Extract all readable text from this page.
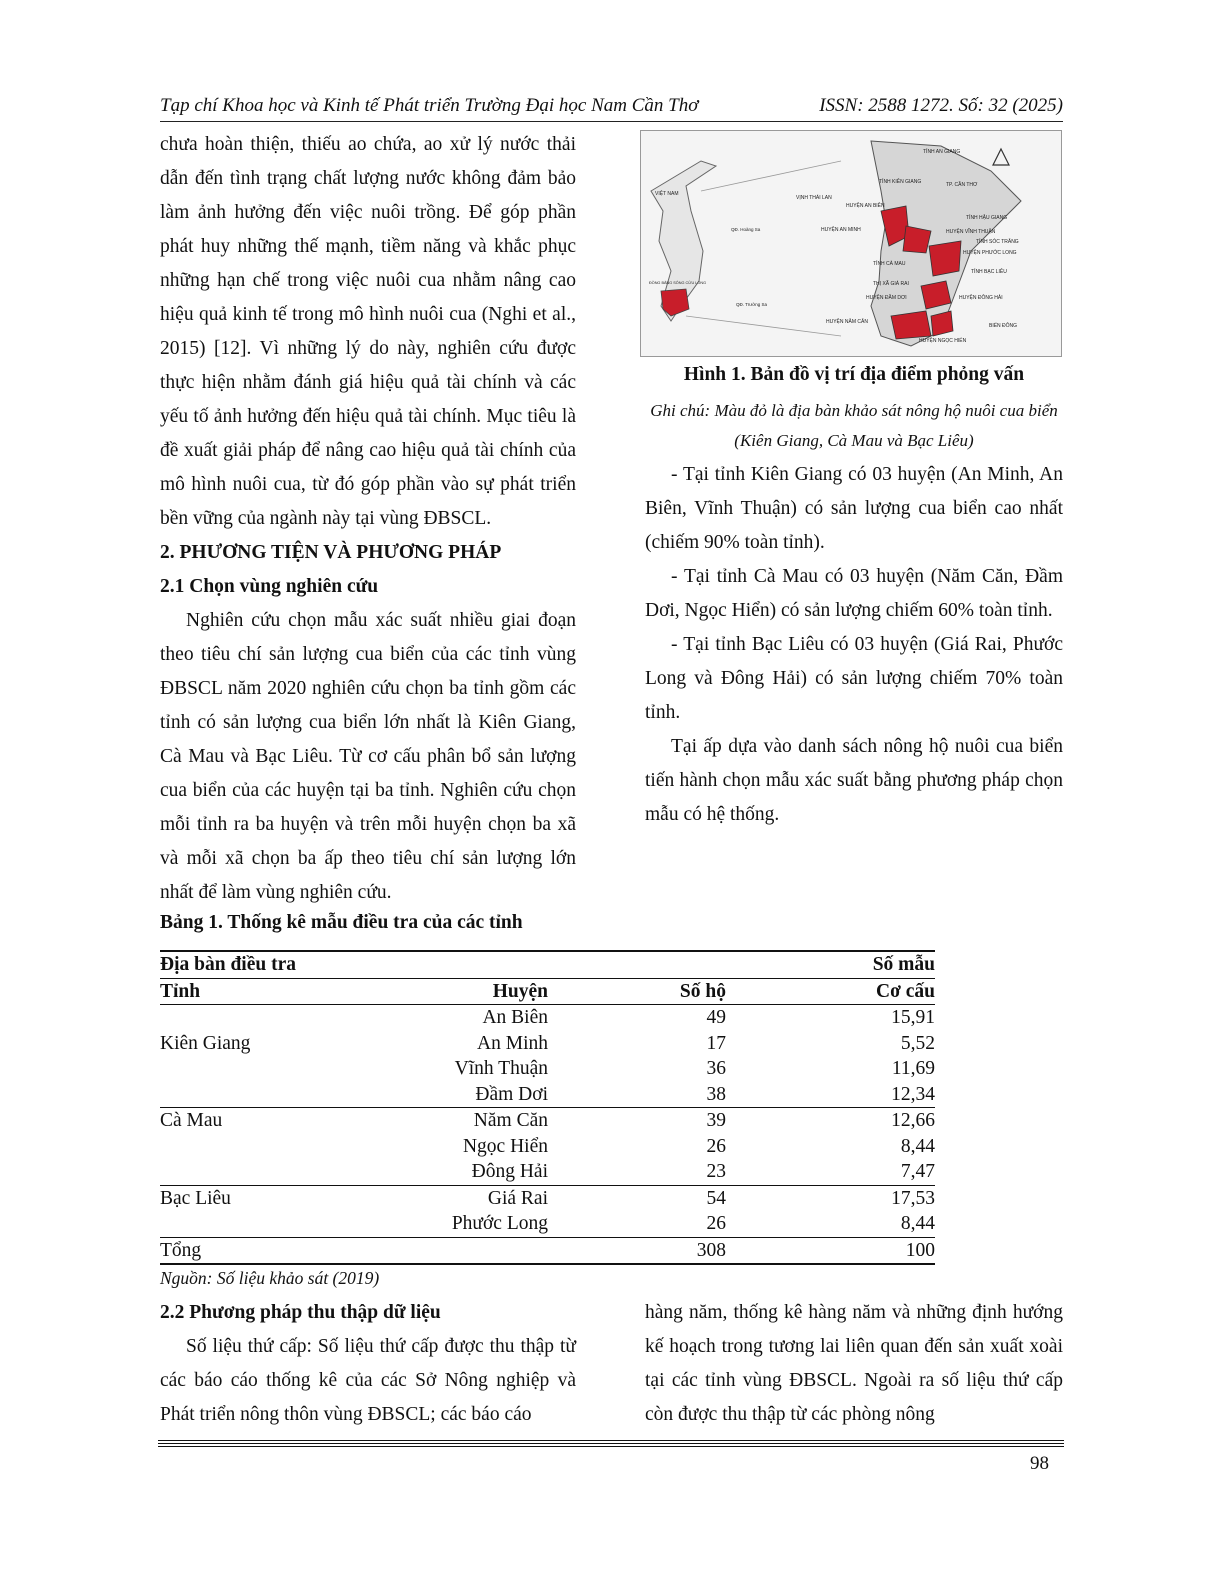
Tạp chí Khoa học và Kinh tế Phát triển Trường Đại học Nam Cần Thơ	ISSN: 2588 1272. Số: 32 (2025)

chưa hoàn thiện, thiếu ao chứa, ao xử lý nước thải dẫn đến tình trạng chất lượng nước không đảm bảo làm ảnh hưởng đến việc nuôi trồng. Để góp phần phát huy những thế mạnh, tiềm năng và khắc phục những hạn chế trong việc nuôi cua nhằm nâng cao hiệu quả kinh tế trong mô hình nuôi cua (Nghi et al., 2015) [12]. Vì những lý do này, nghiên cứu được thực hiện nhằm đánh giá hiệu quả tài chính và các yếu tố ảnh hưởng đến hiệu quả tài chính. Mục tiêu là đề xuất giải pháp để nâng cao hiệu quả tài chính của mô hình nuôi cua, từ đó góp phần vào sự phát triển bền vững của ngành này tại vùng ĐBSCL.

2. PHƯƠNG TIỆN VÀ PHƯƠNG PHÁP

2.1 Chọn vùng nghiên cứu

Nghiên cứu chọn mẫu xác suất nhiều giai đoạn theo tiêu chí sản lượng cua biển của các tỉnh vùng ĐBSCL năm 2020 nghiên cứu chọn ba tỉnh gồm các tỉnh có sản lượng cua biển lớn nhất là Kiên Giang, Cà Mau và Bạc Liêu. Từ cơ cấu phân bổ sản lượng cua biển của các huyện tại ba tỉnh. Nghiên cứu chọn mỗi tỉnh ra ba huyện và trên mỗi huyện chọn ba xã và mỗi xã chọn ba ấp theo tiêu chí sản lượng lớn nhất để làm vùng nghiên cứu.

TỈNH AN GIANG
TỈNH KIÊN GIANG	TP. CẦN THƠ
VỊNH THÁI LAN
HUYỆN AN BIÊN
HUYỆN AN MINH
TỈNH HẬU GIANG
HUYỆN VĨNH THUẬN
TỈNH SÓC TRĂNG
HUYỆN PHƯỚC LONG
TỈNH CÀ MAU
TỈNH BẠC LIÊU
THỊ XÃ GIÁ RAI
HUYỆN ĐẦM DƠI	HUYỆN ĐÔNG HẢI
HUYỆN NĂM CĂN
BIỂN ĐÔNG
HUYỆN NGỌC HIỂN
VIỆT NAM
QĐ. Hoàng Sa
QĐ. Trường Sa
ĐỒNG BẰNG SÔNG CỬU LONG
Hình 1. Bản đồ vị trí địa điểm phỏng vấn
Ghi chú: Màu đỏ là địa bàn khảo sát nông hộ nuôi cua biển (Kiên Giang, Cà Mau và Bạc Liêu)

- Tại tỉnh Kiên Giang có 03 huyện (An Minh, An Biên, Vĩnh Thuận) có sản lượng cua biển cao nhất (chiếm 90% toàn tỉnh).

- Tại tỉnh Cà Mau có 03 huyện (Năm Căn, Đầm Dơi, Ngọc Hiển) có sản lượng chiếm 60% toàn tỉnh.

- Tại tỉnh Bạc Liêu có 03 huyện (Giá Rai, Phước Long và Đông Hải) có sản lượng chiếm 70% toàn tỉnh.

Tại ấp dựa vào danh sách nông hộ nuôi cua biển tiến hành chọn mẫu xác suất bằng phương pháp chọn mẫu có hệ thống.

Bảng 1. Thống kê mẫu điều tra của các tỉnh
Địa bàn điều tra			Số mẫu
Tỉnh	Huyện	Số hộ	Cơ cấu
	An Biên	49	15,91
Kiên Giang	An Minh	17	5,52
	Vĩnh Thuận	36	11,69
	Đầm Dơi	38	12,34
Cà Mau	Năm Căn	39	12,66
	Ngọc Hiển	26	8,44
	Đông Hải	23	7,47
Bạc Liêu	Giá Rai	54	17,53
	Phước Long	26	8,44
Tổng		308	100
Nguồn: Số liệu khảo sát (2019)

2.2 Phương pháp thu thập dữ liệu

Số liệu thứ cấp: Số liệu thứ cấp được thu thập từ các báo cáo thống kê của các Sở Nông nghiệp và Phát triển nông thôn vùng ĐBSCL; các báo cáo

hàng năm, thống kê hàng năm và những định hướng kế hoạch trong tương lai liên quan đến sản xuất xoài tại các tỉnh vùng ĐBSCL. Ngoài ra số liệu thứ cấp còn được thu thập từ các phòng nông

98
